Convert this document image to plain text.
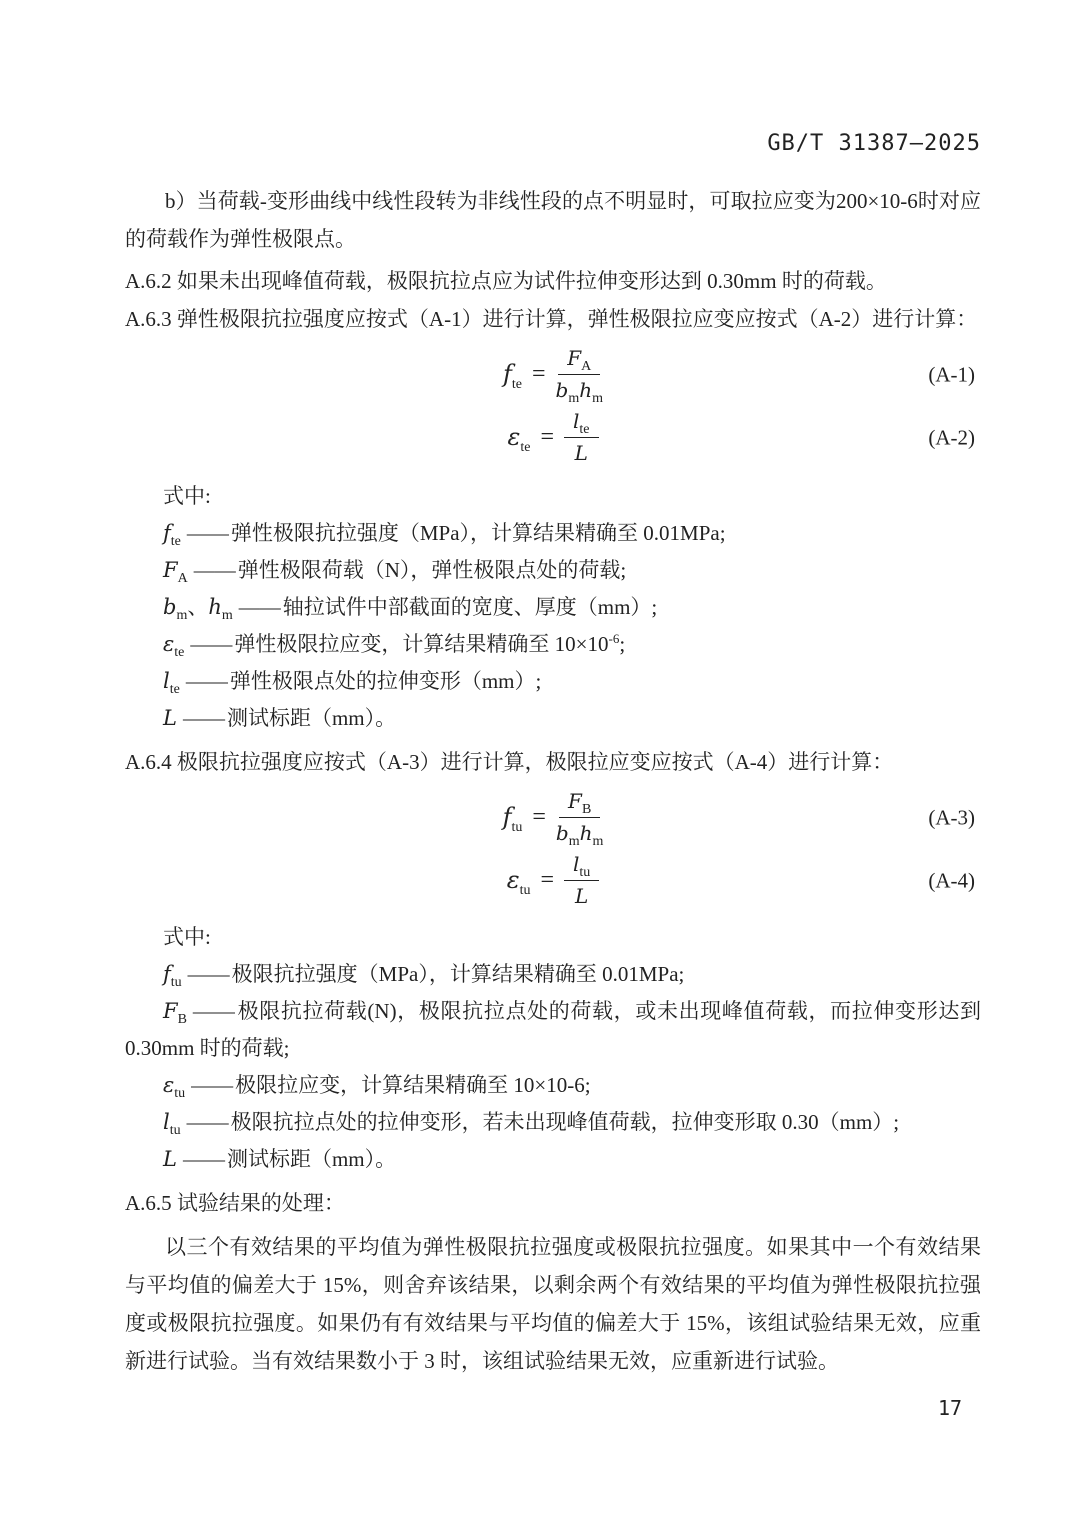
GB/T 31387—2025

b）当荷载-变形曲线中线性段转为非线性段的点不明显时，可取拉应变为200×10-6时对应的荷载作为弹性极限点。

A.6.2 如果未出现峰值荷载，极限抗拉点应为试件拉伸变形达到 0.30mm 时的荷载。

A.6.3 弹性极限抗拉强度应按式（A-1）进行计算，弹性极限拉应变应按式（A-2）进行计算：

$f_{te} = \frac{F_A}{b_mh_m}$	(A-1)
$\varepsilon_{te} = \frac{l_{te}}{L}$	(A-2)
式中:
$f_{te}$ ——弹性极限抗拉强度（MPa），计算结果精确至 0.01MPa;
$F_A$ ——弹性极限荷载（N），弹性极限点处的荷载;
$b_m$、$h_m$ ——轴拉试件中部截面的宽度、厚度（mm）;
$\varepsilon_{te}$ ——弹性极限拉应变，计算结果精确至 $10\times 10^{-6}$;
$l_{te}$ ——弹性极限点处的拉伸变形（mm）;
L ——测试标距（mm）。

A.6.4 极限抗拉强度应按式（A-3）进行计算，极限拉应变应按式（A-4）进行计算：

$f_{tu} = \frac{F_B}{b_mh_m}$	(A-3)
$\varepsilon_{tu} = \frac{l_{tu}}{L}$	(A-4)
式中:
$f_{tu}$ ——极限抗拉强度（MPa），计算结果精确至 0.01MPa;
$F_B$ ——极限抗拉荷载(N)，极限抗拉点处的荷载，或未出现峰值荷载，而拉伸变形达到 0.30mm 时的荷载;
$\varepsilon_{tu}$ ——极限拉应变，计算结果精确至 10×10-6;
$l_{tu}$ ——极限抗拉点处的拉伸变形，若未出现峰值荷载，拉伸变形取 0.30（mm）;
L ——测试标距（mm）。

A.6.5 试验结果的处理：

以三个有效结果的平均值为弹性极限抗拉强度或极限抗拉强度。如果其中一个有效结果与平均值的偏差大于 15%，则舍弃该结果，以剩余两个有效结果的平均值为弹性极限抗拉强度或极限抗拉强度。如果仍有有效结果与平均值的偏差大于 15%，该组试验结果无效，应重新进行试验。当有效结果数小于 3 时，该组试验结果无效，应重新进行试验。

17
